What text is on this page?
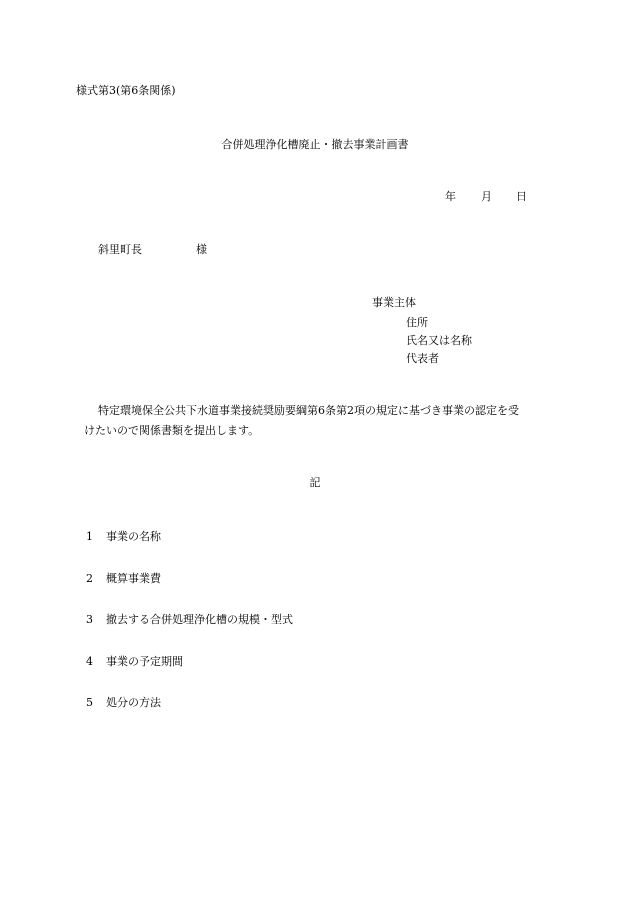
様式第3(第6条関係)
合併処理浄化槽廃止・撤去事業計画書
年 月 日
斜里町長	様
事業主体
住所
氏名又は名称
代表者
特定環境保全公共下水道事業接続奨励要綱第6条第2項の規定に基づき事業の認定を受
けたいので関係書類を提出します。
記
1 事業の名称
2 概算事業費
3 撤去する合併処理浄化槽の規模・型式
4 事業の予定期間
5 処分の方法
